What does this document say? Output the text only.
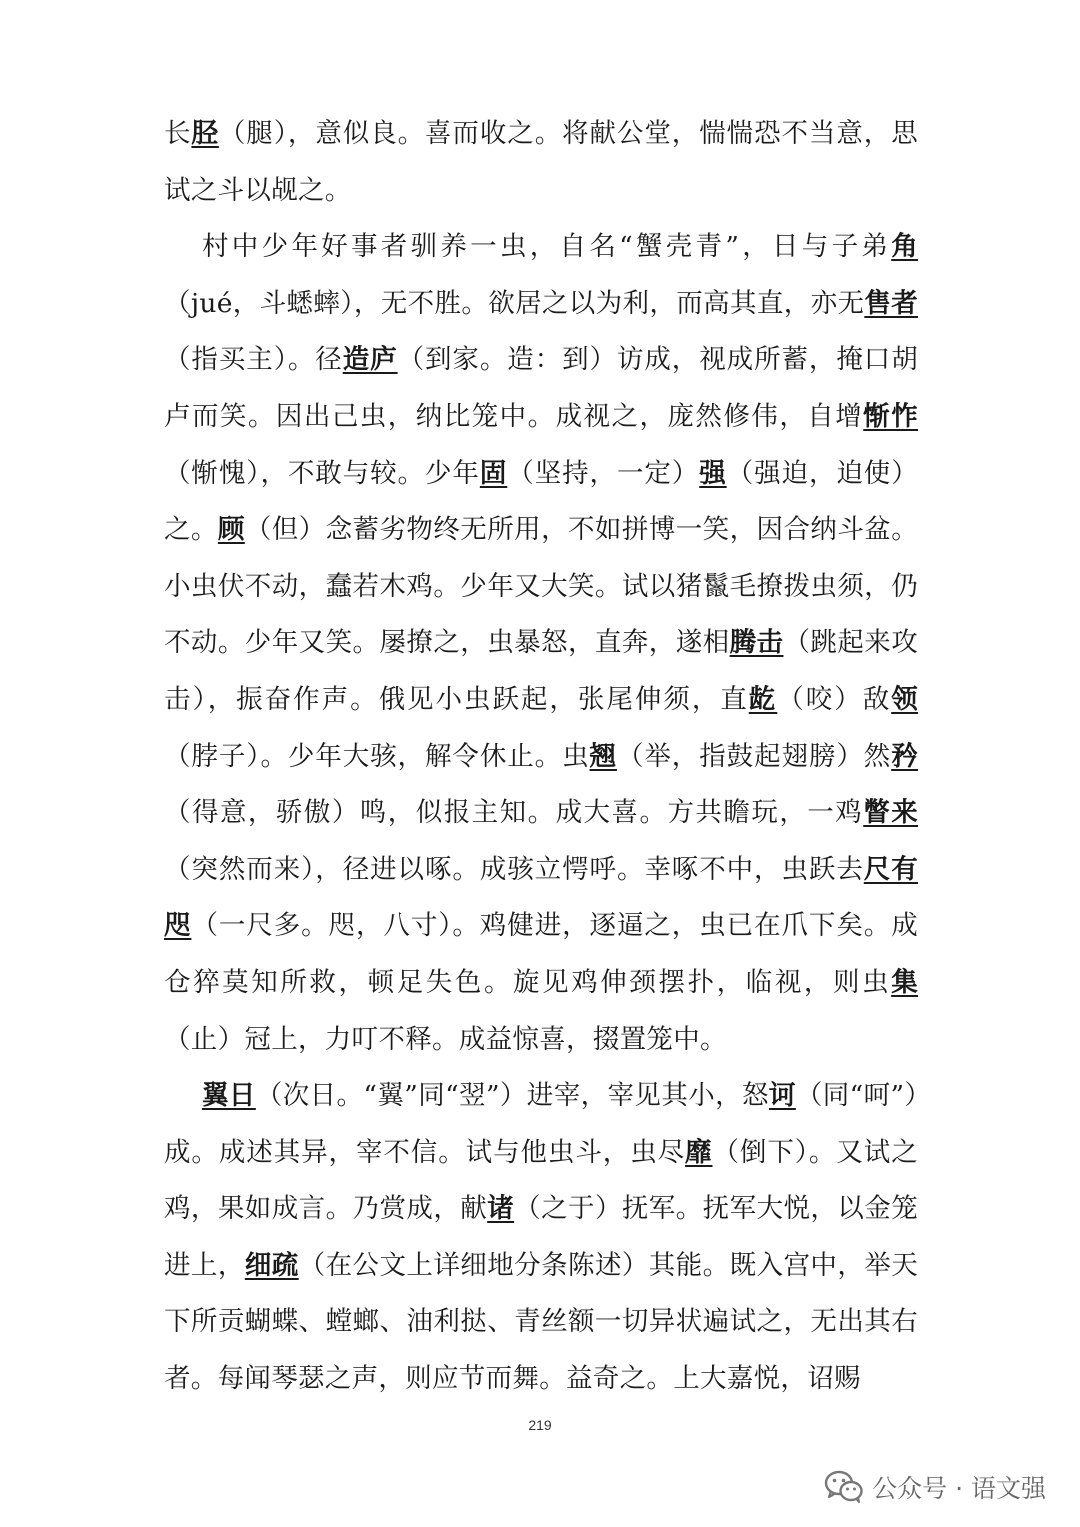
长胫（腿），意似良。喜而收之。将献公堂，惴惴恐不当意，思试之斗以觇之。

村中少年好事者驯养一虫，自名“蟹壳青”，日与子弟角（jué，斗蟋蟀），无不胜。欲居之以为利，而高其直，亦无售者（指买主）。径造庐（到家。造：到）访成，视成所蓄，掩口胡卢而笑。因出己虫，纳比笼中。成视之，庞然修伟，自增惭怍（惭愧），不敢与较。少年固（坚持，一定）强（强迫，迫使）之。顾（但）念蓄劣物终无所用，不如拼博一笑，因合纳斗盆。小虫伏不动，蠢若木鸡。少年又大笑。试以猪鬣毛撩拨虫须，仍不动。少年又笑。屡撩之，虫暴怒，直奔，遂相腾击（跳起来攻击），振奋作声。俄见小虫跃起，张尾伸须，直龁（咬）敌领（脖子）。少年大骇，解令休止。虫翘（举，指鼓起翅膀）然矜（得意，骄傲）鸣，似报主知。成大喜。方共瞻玩，一鸡瞥来（突然而来），径进以啄。成骇立愕呼。幸啄不中，虫跃去尺有咫（一尺多。咫，八寸）。鸡健进，逐逼之，虫已在爪下矣。成仓猝莫知所救，顿足失色。旋见鸡伸颈摆扑，临视，则虫集（止）冠上，力叮不释。成益惊喜，掇置笼中。

翼日（次日。“翼”同“翌”）进宰，宰见其小，怒诃（同“呵”）成。成述其异，宰不信。试与他虫斗，虫尽靡（倒下）。又试之鸡，果如成言。乃赏成，献诸（之于）抚军。抚军大悦，以金笼进上，细疏（在公文上详细地分条陈述）其能。既入宫中，举天下所贡蝴蝶、螳螂、油利挞、青丝额一切异状遍试之，无出其右者。每闻琴瑟之声，则应节而舞。益奇之。上大嘉悦，诏赐

219
公众号 · 语文强
